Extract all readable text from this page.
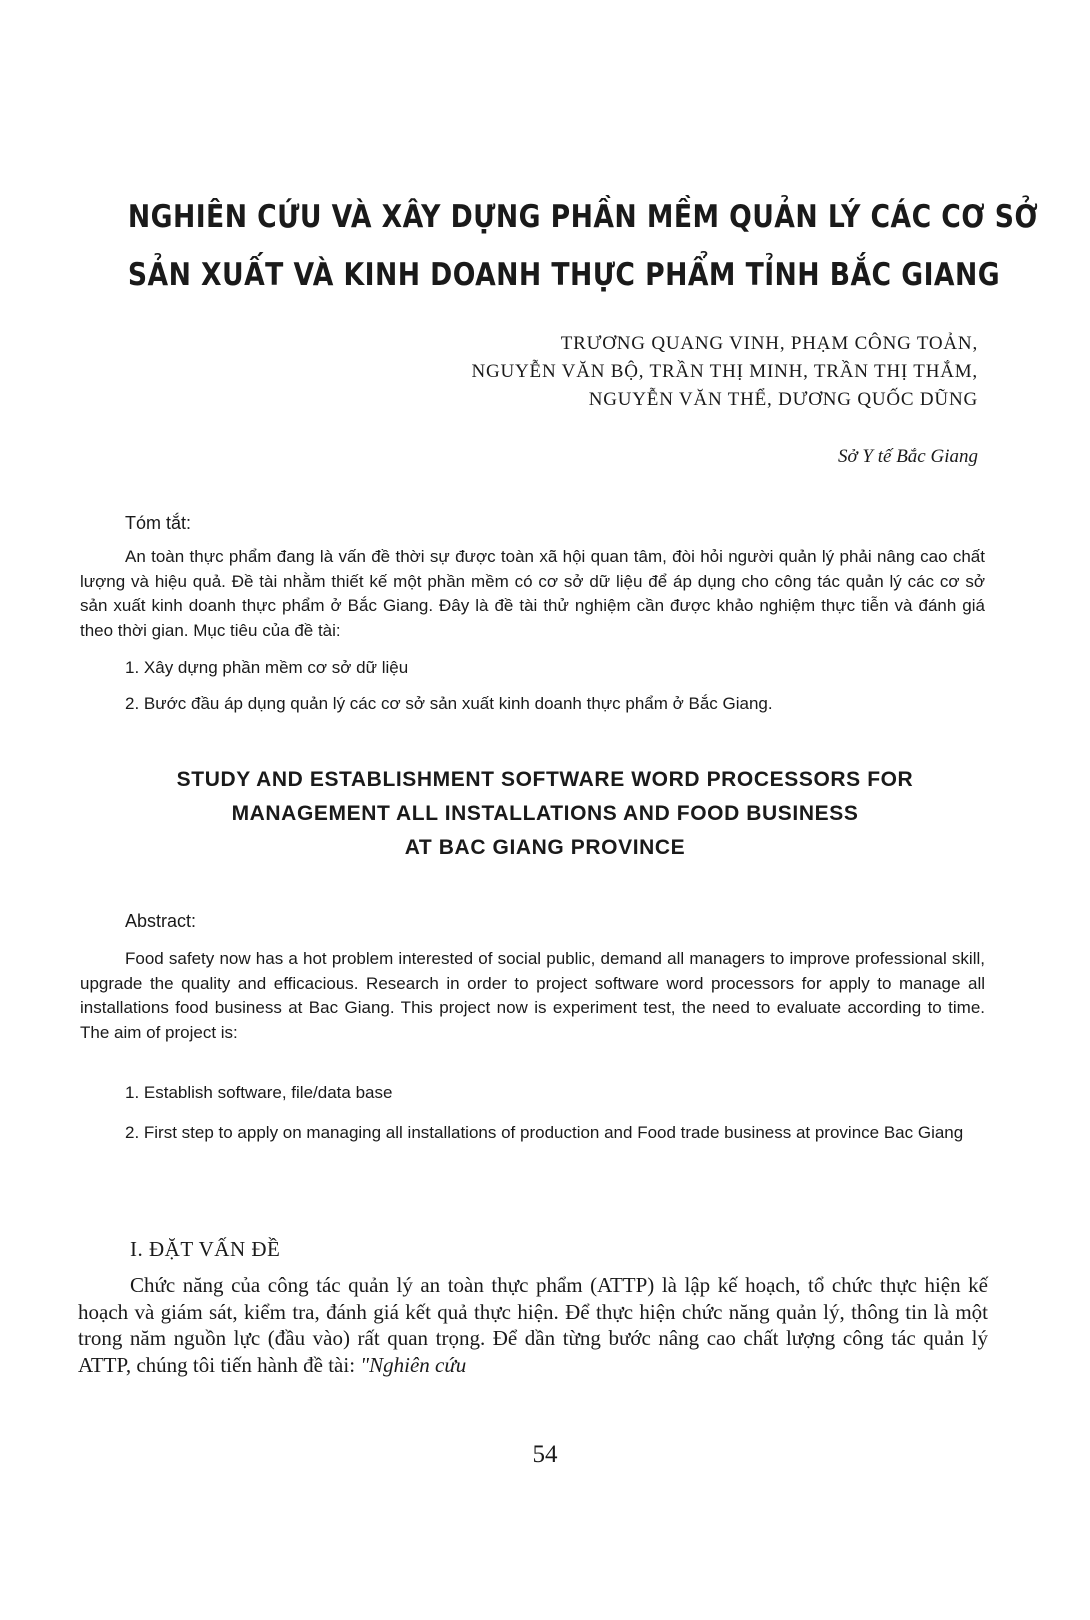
NGHIÊN CỨU VÀ XÂY DỰNG PHẦN MỀM QUẢN LÝ CÁC CƠ SỞ
SẢN XUẤT VÀ KINH DOANH THỰC PHẨM TỈNH BẮC GIANG
TRƯƠNG QUANG VINH, PHẠM CÔNG TOẢN,
NGUYỄN VĂN BỘ, TRẦN THỊ MINH, TRẦN THỊ THẮM,
NGUYỄN VĂN THỂ, DƯƠNG QUỐC DŨNG
Sở Y tế Bắc Giang
Tóm tắt:
An toàn thực phẩm đang là vấn đề thời sự được toàn xã hội quan tâm, đòi hỏi người quản lý phải nâng cao chất lượng và hiệu quả. Đề tài nhằm thiết kế một phần mềm có cơ sở dữ liệu để áp dụng cho công tác quản lý các cơ sở sản xuất kinh doanh thực phẩm ở Bắc Giang. Đây là đề tài thử nghiệm cần được khảo nghiệm thực tiễn và đánh giá theo thời gian. Mục tiêu của đề tài:
1. Xây dựng phần mềm cơ sở dữ liệu
2. Bước đầu áp dụng quản lý các cơ sở sản xuất kinh doanh thực phẩm ở Bắc Giang.
STUDY AND ESTABLISHMENT SOFTWARE WORD PROCESSORS FOR
MANAGEMENT ALL INSTALLATIONS AND FOOD BUSINESS
AT BAC GIANG PROVINCE
Abstract:
Food safety now has a hot problem interested of social public, demand all managers to improve professional skill, upgrade the quality and efficacious. Research in order to project software word processors for apply to manage all installations food business at Bac Giang. This project now is experiment test, the need to evaluate according to time. The aim of project is:
1. Establish software, file/data base
2. First step to apply on managing all installations of production and Food trade business at province Bac Giang
I. ĐẶT VẤN ĐỀ
Chức năng của công tác quản lý an toàn thực phẩm (ATTP) là lập kế hoạch, tổ chức thực hiện kế hoạch và giám sát, kiểm tra, đánh giá kết quả thực hiện. Để thực hiện chức năng quản lý, thông tin là một trong năm nguồn lực (đầu vào) rất quan trọng. Để dần từng bước nâng cao chất lượng công tác quản lý ATTP, chúng tôi tiến hành đề tài: "Nghiên cứu
54
